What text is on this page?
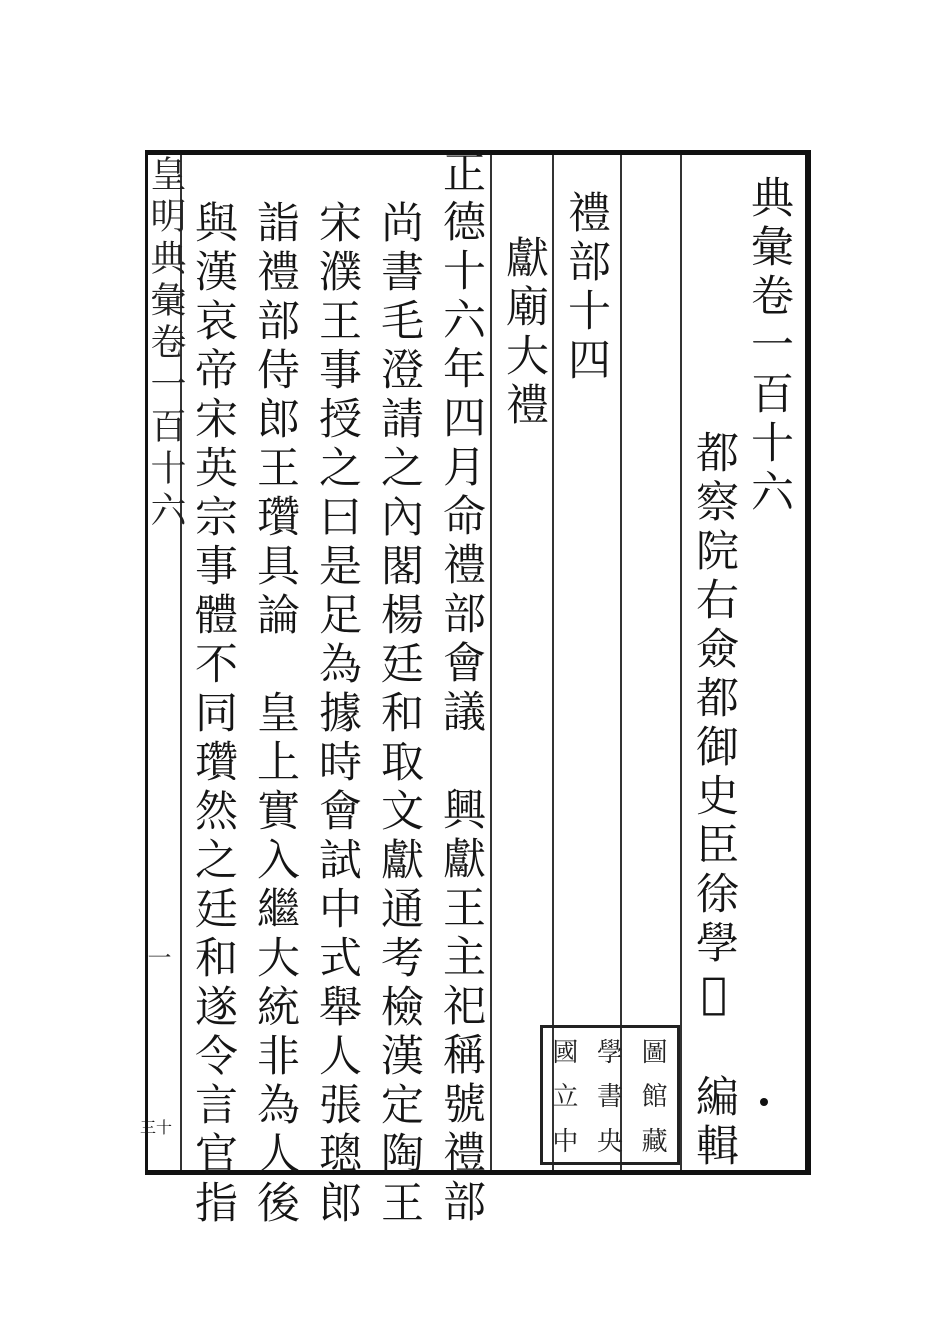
典彙卷一百十六
都察院右僉都御史臣徐學𥅿　編輯
禮部十四
獻廟大禮
正德十六年四月命禮部會議　興獻王主祀稱號禮部
尚書毛澄請之內閣楊廷和取文獻通考檢漢定陶王
宋濮王事授之曰是足為據時會試中式舉人張璁郎
詣禮部侍郎王瓚具論　皇上實入繼大統非為人後
與漢哀帝宋英宗事體不同瓚然之廷和遂令言官指
皇明典彙卷一百十六
一
三十
國 學 圖
立 書 館
中 央 藏
